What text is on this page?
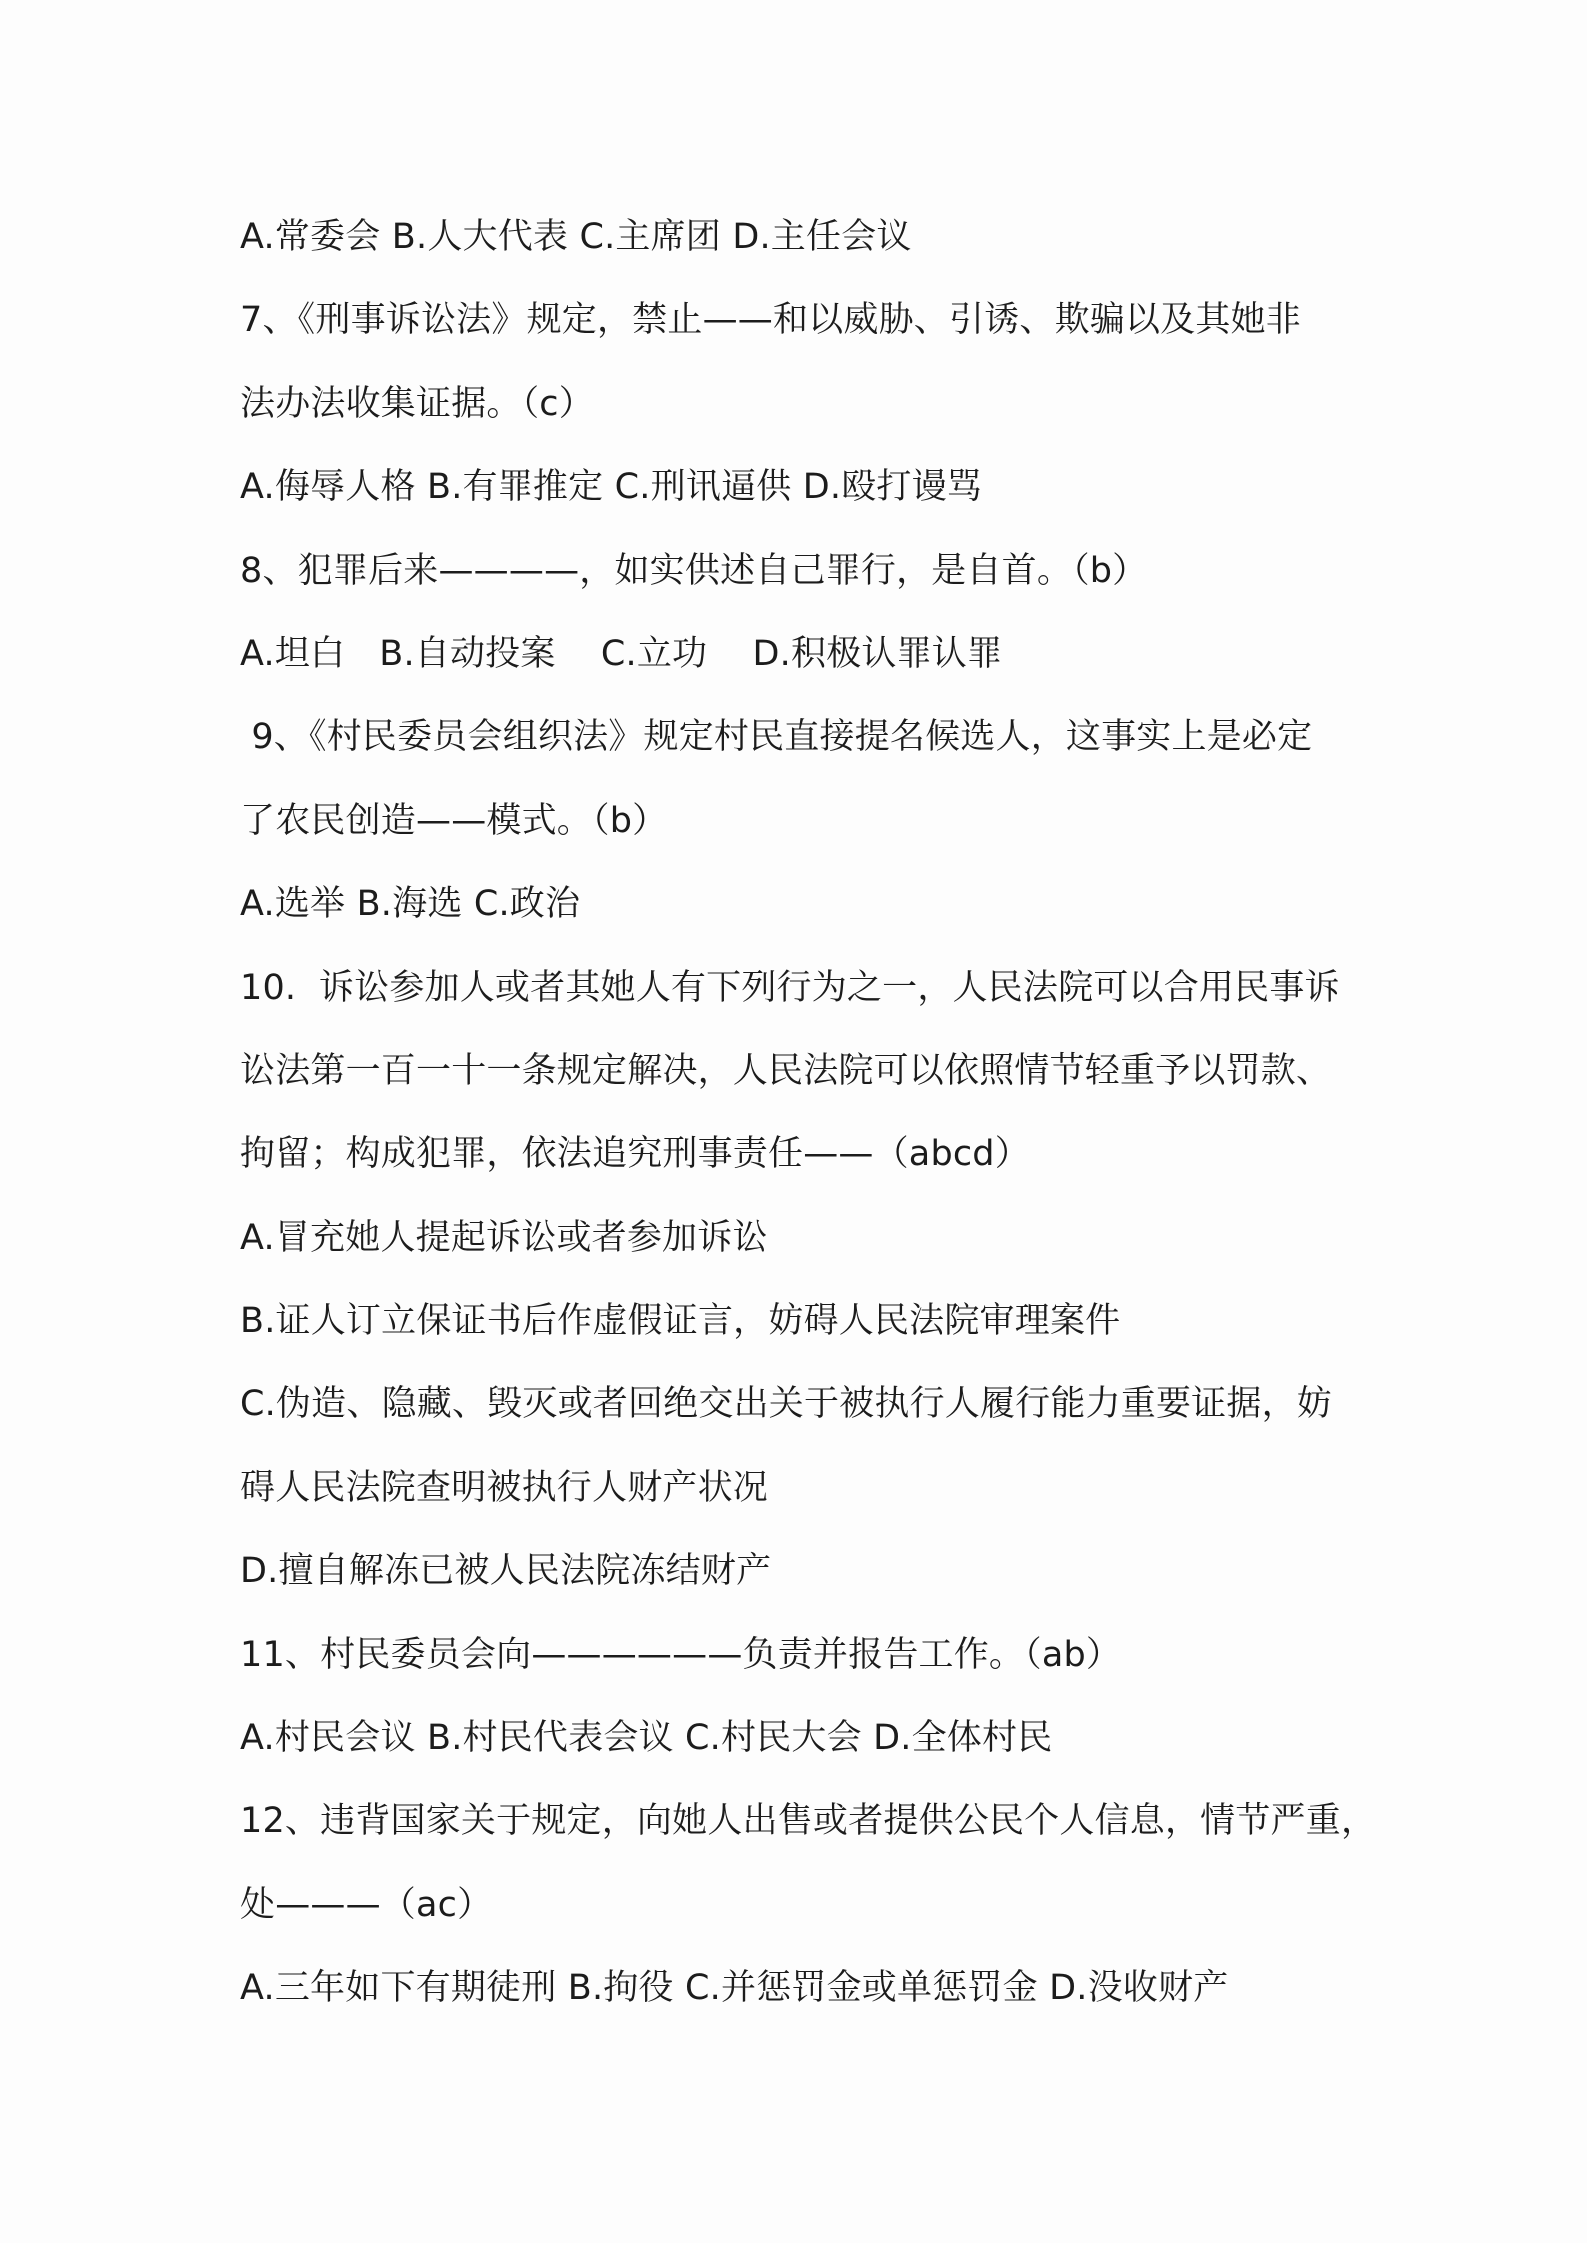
A.常委会 B.人大代表 C.主席团 D.主任会议
7、《刑事诉讼法》规定，禁止——和以威胁、引诱、欺骗以及其她非
法办法收集证据。（c）
A.侮辱人格 B.有罪推定 C.刑讯逼供 D.殴打谩骂
8、犯罪后来————，如实供述自己罪行，是自首。（b）
A.坦白   B.自动投案    C.立功    D.积极认罪认罪
9、《村民委员会组织法》规定村民直接提名候选人，这事实上是必定
了农民创造——模式。（b）
A.选举 B.海选 C.政治
10.  诉讼参加人或者其她人有下列行为之一，人民法院可以合用民事诉
讼法第一百一十一条规定解决，人民法院可以依照情节轻重予以罚款、
拘留；构成犯罪，依法追究刑事责任——（abcd）
A.冒充她人提起诉讼或者参加诉讼
B.证人订立保证书后作虚假证言，妨碍人民法院审理案件
C.伪造、隐藏、毁灭或者回绝交出关于被执行人履行能力重要证据，妨
碍人民法院查明被执行人财产状况
D.擅自解冻已被人民法院冻结财产
11、村民委员会向——————负责并报告工作。（ab）
A.村民会议 B.村民代表会议 C.村民大会 D.全体村民
12、违背国家关于规定，向她人出售或者提供公民个人信息，情节严重，
处———（ac）
A.三年如下有期徒刑 B.拘役 C.并惩罚金或单惩罚金 D.没收财产
